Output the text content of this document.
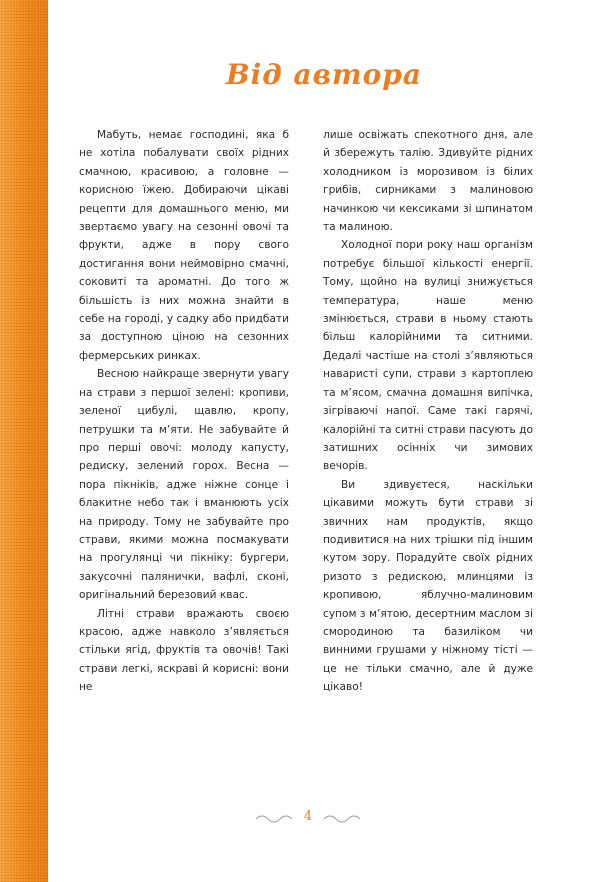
Від автора

Мабуть, немає господині, яка б не хотіла побалувати своїх рідних смачною, красивою, а головне — корисною їжею. Добираючи цікаві рецепти для домашнього меню, ми звертаємо увагу на сезонні овочі та фрукти, адже в пору свого достигання вони неймовірно смачні, соковиті та ароматні. До того ж більшість із них можна знайти в себе на городі, у садку або придбати за доступною ціною на сезонних фермерських ринках.

Весною найкраще звернути увагу на страви з першої зелені: кропиви, зеленої цибулі, щавлю, кропу, петрушки та м’яти. Не забувайте й про перші овочі: молоду капусту, редиску, зелений горох. Весна — пора пікніків, адже ніжне сонце і блакитне небо так і вманюють усіх на природу. Тому не забувайте про страви, якими можна посмакувати на прогулянці чи пікніку: бургери, закусочні палянички, вафлі, сконі, оригінальний березовий квас.

Літні страви вражають своєю красою, адже навколо з’являється стільки ягід, фруктів та овочів! Такі страви легкі, яскраві й корисні: вони не

лише освіжать спекотного дня, але й збережуть талію. Здивуйте рідних холодником із морозивом із білих грибів, сирниками з малиновою начинкою чи кексиками зі шпинатом та малиною.

Холодної пори року наш організм потребує більшої кількості енергії. Тому, щойно на вулиці знижується температура, наше меню змінюється, страви в ньому стають більш калорійними та ситними. Дедалі частіше на столі з’являються наваристі супи, страви з картоплею та м’ясом, смачна домашня випічка, зігріваючі напої. Саме такі гарячі, калорійні та ситні страви пасують до затишних осінніх чи зимових вечорів.

Ви здивуєтеся, наскільки цікавими можуть бути страви зі звичних нам продуктів, якщо подивитися на них трішки під іншим кутом зору. Порадуйте своїх рідних ризото з редискою, млинцями із кропивою, яблучно-малиновим супом з м’ятою, десертним маслом зі смородиною та базиліком чи винними грушами у ніжному тісті — це не тільки смачно, але й дуже цікаво!

4
